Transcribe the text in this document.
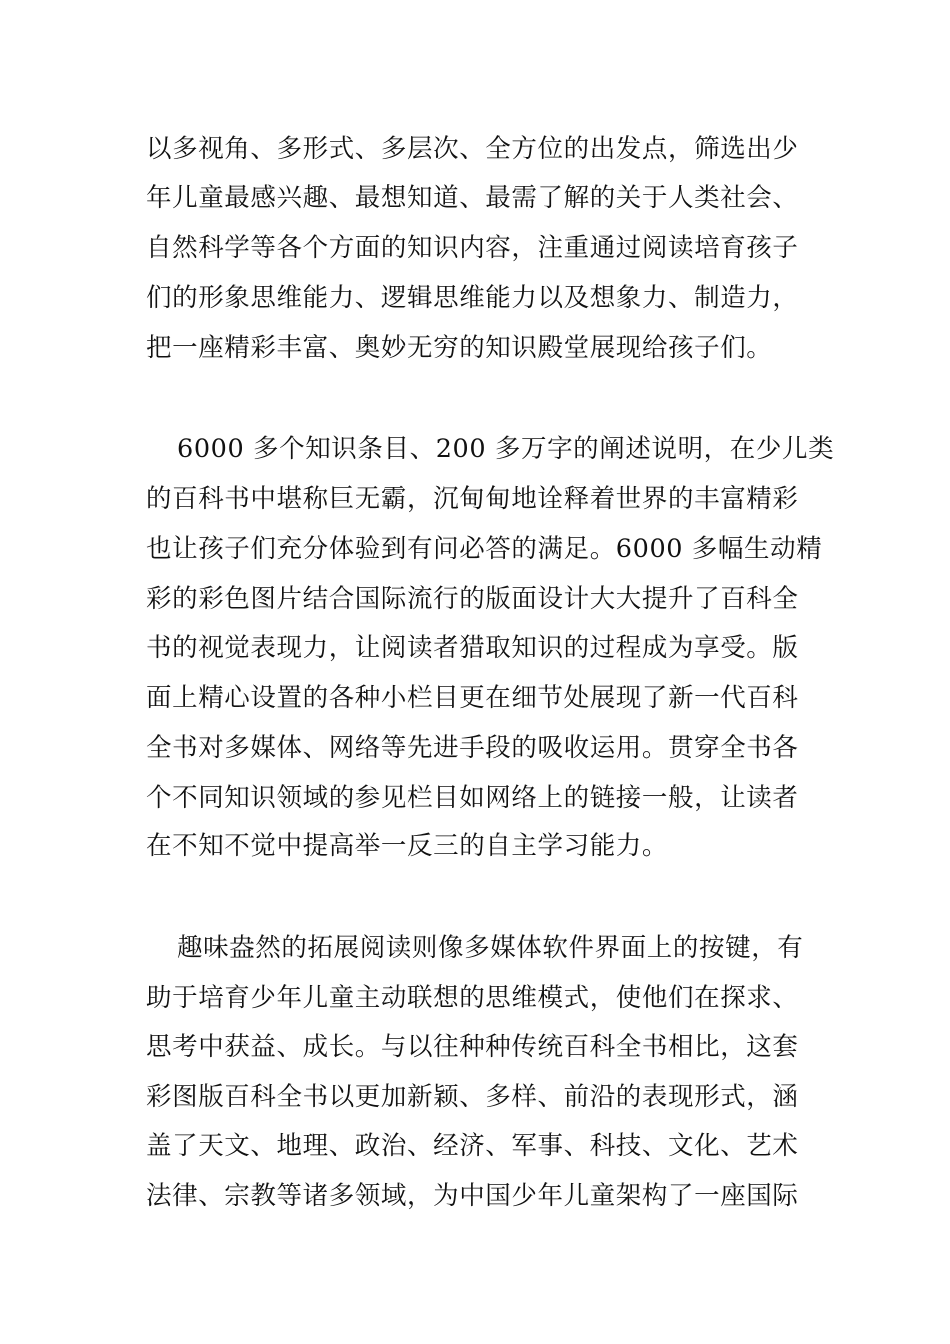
以多视角、多形式、多层次、全方位的出发点，筛选出少
年儿童最感兴趣、最想知道、最需了解的关于人类社会、
自然科学等各个方面的知识内容，注重通过阅读培育孩子
们的形象思维能力、逻辑思维能力以及想象力、制造力，
把一座精彩丰富、奥妙无穷的知识殿堂展现给孩子们。
6000 多个知识条目、200 多万字的阐述说明，在少儿类
的百科书中堪称巨无霸，沉甸甸地诠释着世界的丰富精彩
也让孩子们充分体验到有问必答的满足。6000 多幅生动精
彩的彩色图片结合国际流行的版面设计大大提升了百科全
书的视觉表现力，让阅读者猎取知识的过程成为享受。版
面上精心设置的各种小栏目更在细节处展现了新一代百科
全书对多媒体、网络等先进手段的吸收运用。贯穿全书各
个不同知识领域的参见栏目如网络上的链接一般，让读者
在不知不觉中提高举一反三的自主学习能力。
趣味盎然的拓展阅读则像多媒体软件界面上的按键，有
助于培育少年儿童主动联想的思维模式，使他们在探求、
思考中获益、成长。与以往种种传统百科全书相比，这套
彩图版百科全书以更加新颖、多样、前沿的表现形式，涵
盖了天文、地理、政治、经济、军事、科技、文化、艺术
法律、宗教等诸多领域，为中国少年儿童架构了一座国际
